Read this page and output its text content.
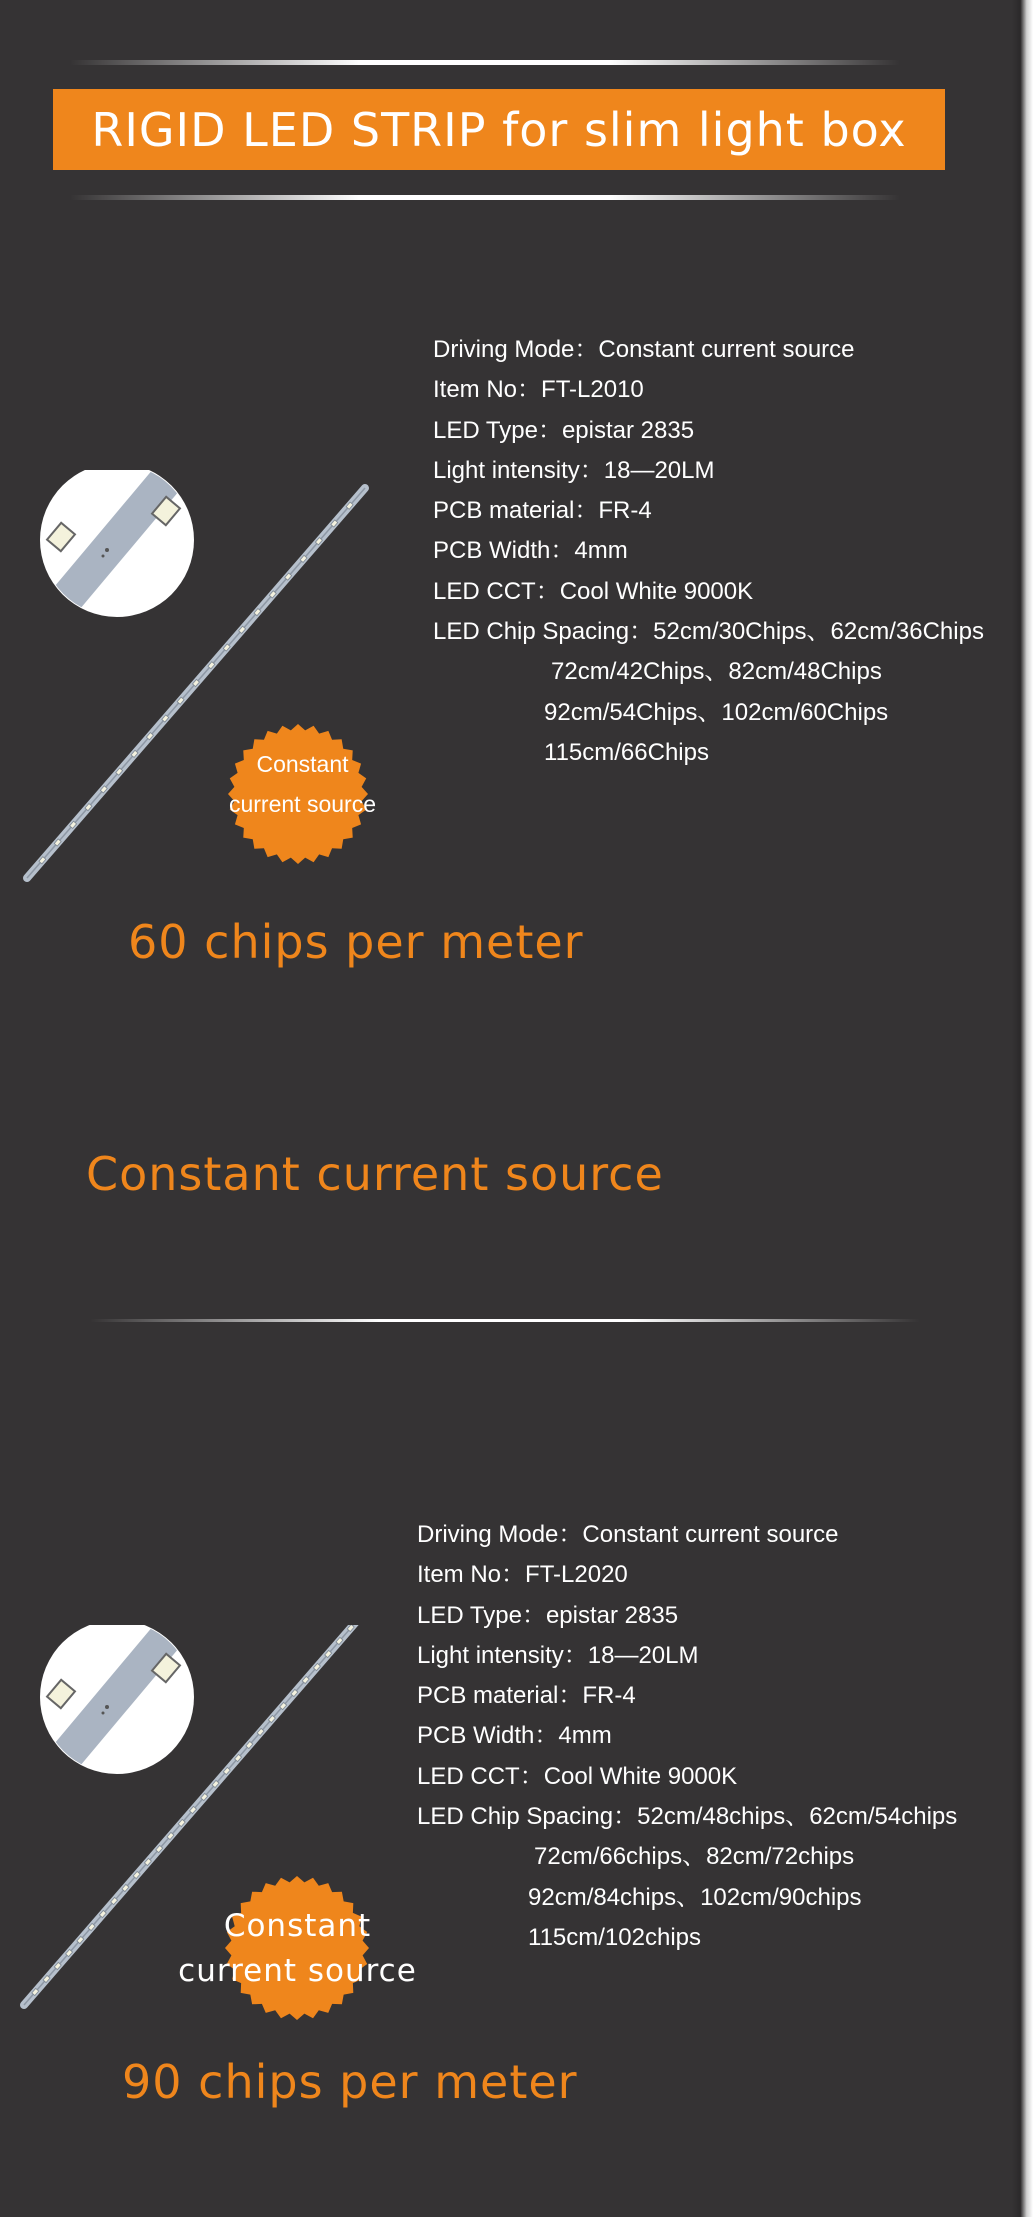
RIGID LED STRIP for slim light box
Constant
current source
Driving Mode：Constant current source
Item No：FT-L2010
LED Type：epistar 2835
Light intensity：18—20LM
PCB material：FR-4
PCB Width：4mm
LED CCT：Cool White 9000K
LED Chip Spacing：52cm/30Chips、62cm/36Chips
72cm/42Chips、82cm/48Chips
92cm/54Chips、102cm/60Chips
115cm/66Chips
60 chips per meter
Constant current source
Constant
current source
Driving Mode：Constant current source
Item No：FT-L2020
LED Type：epistar 2835
Light intensity：18—20LM
PCB material：FR-4
PCB Width：4mm
LED CCT：Cool White 9000K
LED Chip Spacing：52cm/48chips、62cm/54chips
72cm/66chips、82cm/72chips
92cm/84chips、102cm/90chips
115cm/102chips
90 chips per meter
